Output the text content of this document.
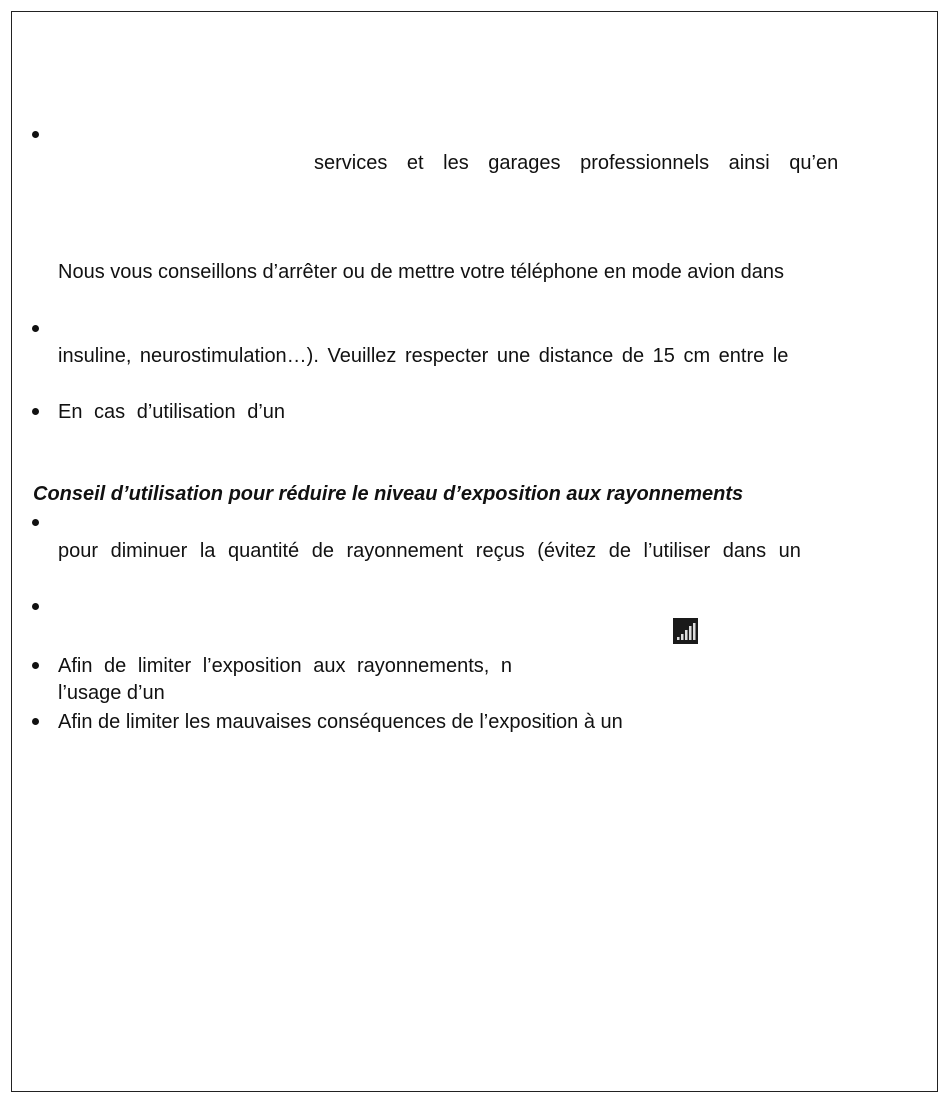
services et les garages professionnels ainsi qu’en
Nous vous conseillons d’arrêter ou de mettre votre téléphone en mode avion dans
insuline, neurostimulation…). Veuillez respecter une distance de 15 cm entre le
En cas d’utilisation d’un
Conseil d’utilisation pour réduire le niveau d’exposition aux rayonnements
pour diminuer la quantité de rayonnement reçus (évitez de l’utiliser dans un
Afin de limiter l’exposition aux rayonnements, n
l’usage d’un
Afin de limiter les mauvaises conséquences de l’exposition à un
